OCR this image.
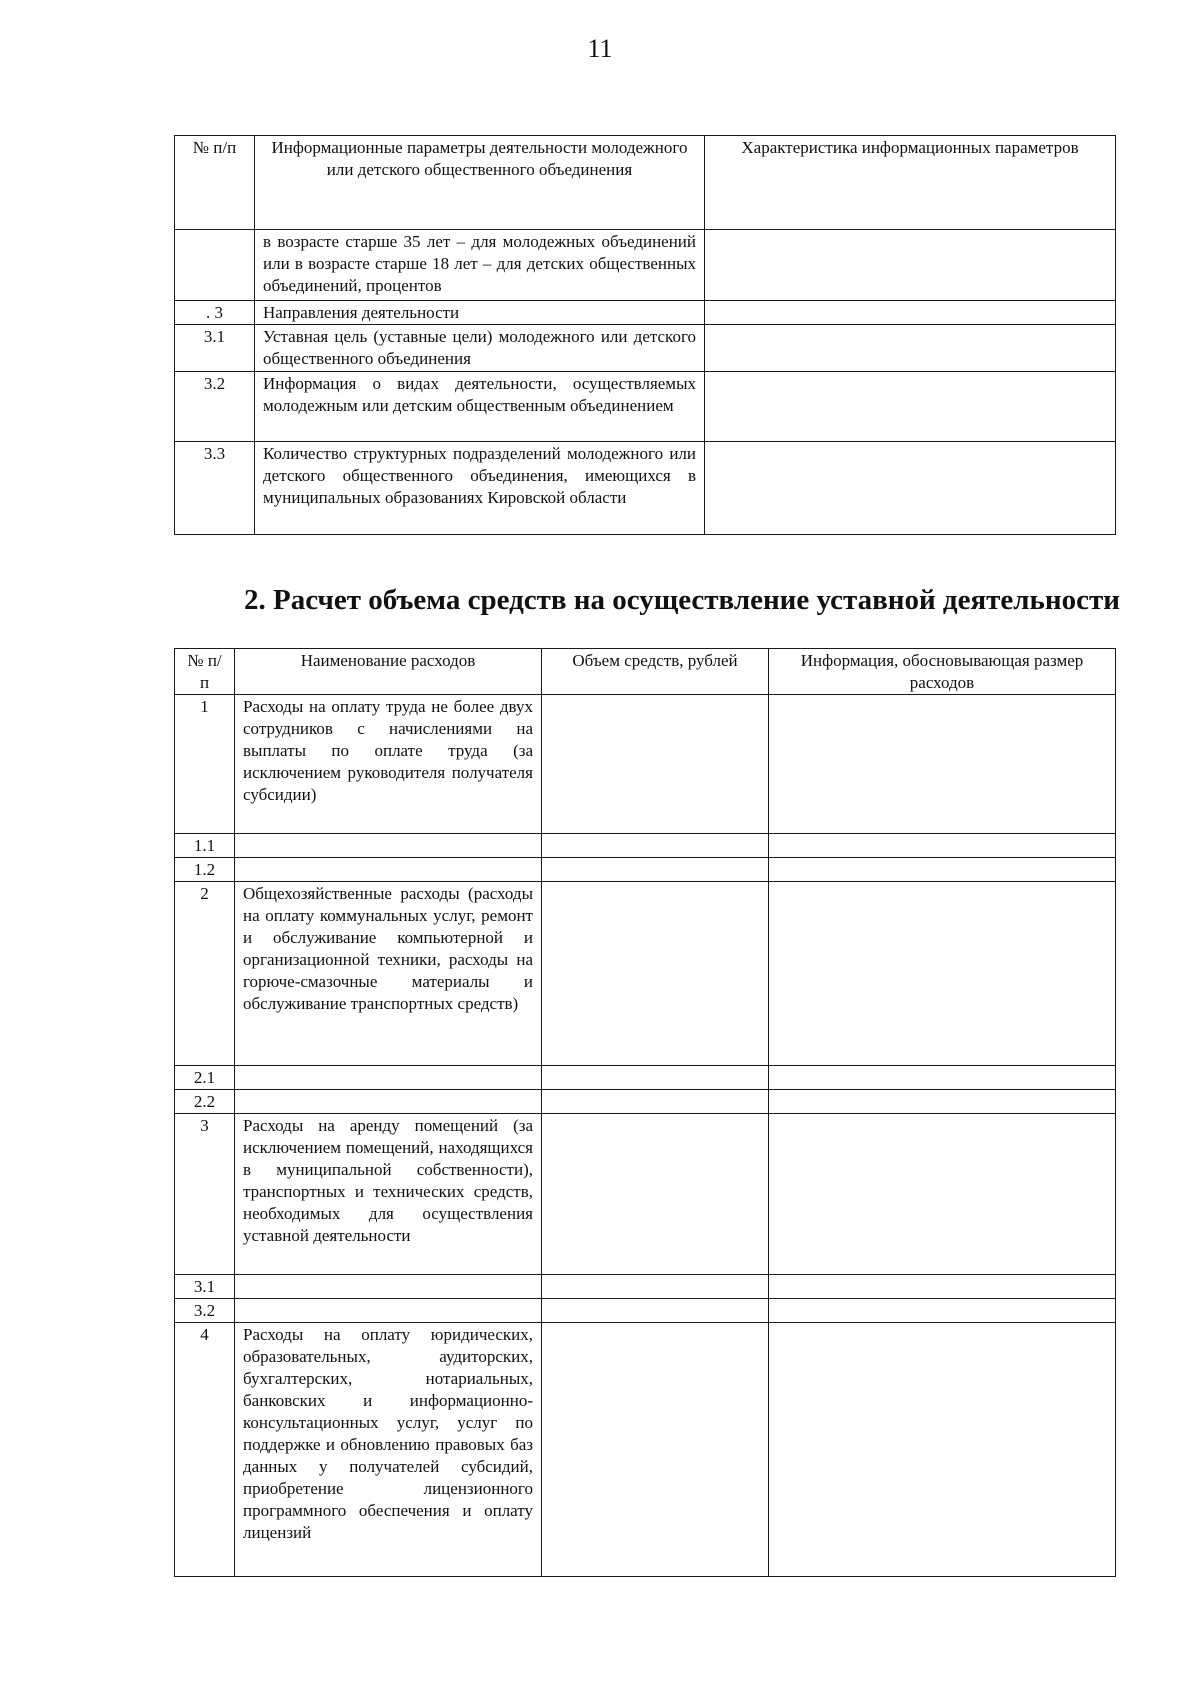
11
№ п/п	Информационные параметры деятельности молодежного или детского общественного объединения	Характеристика информационных параметров
	в возрасте старше 35 лет – для молодежных объединений или в возрасте старше 18 лет – для детских общественных объединений, процентов	
. 3	Направления деятельности	
3.1	Уставная цель (уставные цели) молодежного или детского общественного объединения	
3.2	Информация о видах деятельности, осуществляемых молодежным или детским общественным объединением	
3.3	Количество структурных подразделений молодежного или детского общественного объединения, имеющихся в муниципальных образованиях Кировской области	
2. Расчет объема средств на осуществление уставной деятельности
№ п/п	Наименование расходов	Объем средств, рублей	Информация, обосновывающая размер расходов
1	Расходы на оплату труда не более двух сотрудников с начислениями на выплаты по оплате труда (за исключением руководителя получателя субсидии)		
1.1			
1.2			
2	Общехозяйственные расходы (расходы на оплату коммунальных услуг, ремонт и обслуживание компьютерной и организационной техники, расходы на горюче-смазочные материалы и обслуживание транспортных средств)		
2.1			
2.2			
3	Расходы на аренду помещений (за исключением помещений, находящихся в муниципальной собственности), транспортных и технических средств, необходимых для осуществления уставной деятельности		
3.1			
3.2			
4	Расходы на оплату юридических, образовательных, аудиторских, бухгалтерских, нотариальных, банковских и информационно-консультационных услуг, услуг по поддержке и обновлению правовых баз данных у получателей субсидий, приобретение лицензионного программного обеспечения и оплату лицензий		
